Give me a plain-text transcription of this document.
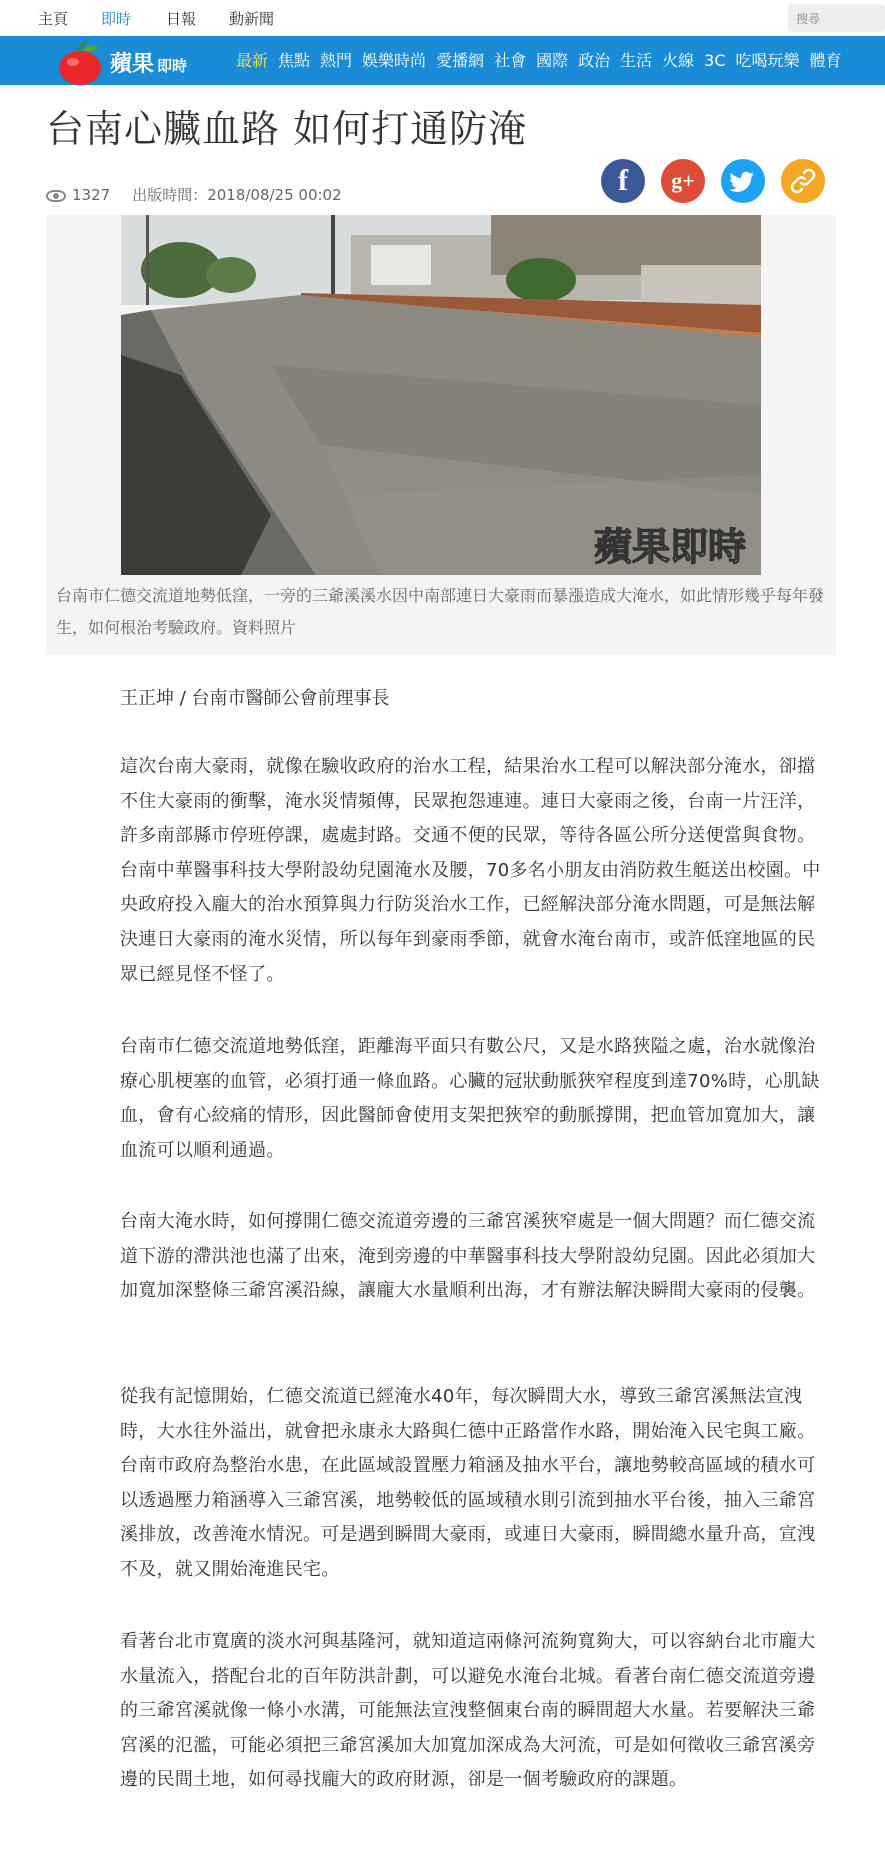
主頁 即時 日報 動新聞	搜尋
蘋果 即時	最新 焦點 熱門 娛樂時尚 愛播網 社會 國際 政治 生活 火線 3C 吃喝玩樂 體育
台南心臟血路 如何打通防淹
1327 出版時間：2018/08/25 00:02	f	g+
蘋果即時
台南市仁德交流道地勢低窪，一旁的三爺溪溪水因中南部連日大豪雨而暴漲造成大淹水，如此情形幾乎每年發生，如何根治考驗政府。資料照片
王正坤 / 台南市醫師公會前理事長

這次台南大豪雨，就像在驗收政府的治水工程，結果治水工程可以解決部分淹水，卻擋不住大豪雨的衝擊，淹水災情頻傳，民眾抱怨連連。連日大豪雨之後，台南一片汪洋，許多南部縣市停班停課，處處封路。交通不便的民眾，等待各區公所分送便當與食物。台南中華醫事科技大學附設幼兒園淹水及腰，70多名小朋友由消防救生艇送出校園。中央政府投入龐大的治水預算與力行防災治水工作，已經解決部分淹水問題，可是無法解決連日大豪雨的淹水災情，所以每年到豪雨季節，就會水淹台南市，或許低窪地區的民眾已經見怪不怪了。

台南市仁德交流道地勢低窪，距離海平面只有數公尺，又是水路狹隘之處，治水就像治療心肌梗塞的血管，必須打通一條血路。心臟的冠狀動脈狹窄程度到達70%時，心肌缺血，會有心絞痛的情形，因此醫師會使用支架把狹窄的動脈撐開，把血管加寬加大，讓血流可以順利通過。

台南大淹水時，如何撐開仁德交流道旁邊的三爺宮溪狹窄處是一個大問題？而仁德交流道下游的滯洪池也滿了出來，淹到旁邊的中華醫事科技大學附設幼兒園。因此必須加大加寬加深整條三爺宮溪沿線，讓龐大水量順利出海，才有辦法解決瞬間大豪雨的侵襲。

從我有記憶開始，仁德交流道已經淹水40年，每次瞬間大水，導致三爺宮溪無法宣洩時，大水往外溢出，就會把永康永大路與仁德中正路當作水路，開始淹入民宅與工廠。台南市政府為整治水患，在此區域設置壓力箱涵及抽水平台，讓地勢較高區域的積水可以透過壓力箱涵導入三爺宮溪，地勢較低的區域積水則引流到抽水平台後，抽入三爺宮溪排放，改善淹水情況。可是遇到瞬間大豪雨，或連日大豪雨，瞬間總水量升高，宣洩不及，就又開始淹進民宅。

看著台北市寬廣的淡水河與基隆河，就知道這兩條河流夠寬夠大，可以容納台北市龐大水量流入，搭配台北的百年防洪計劃，可以避免水淹台北城。看著台南仁德交流道旁邊的三爺宮溪就像一條小水溝，可能無法宣洩整個東台南的瞬間超大水量。若要解決三爺宮溪的氾濫，可能必須把三爺宮溪加大加寬加深成為大河流，可是如何徵收三爺宮溪旁邊的民間土地，如何尋找龐大的政府財源，卻是一個考驗政府的課題。
